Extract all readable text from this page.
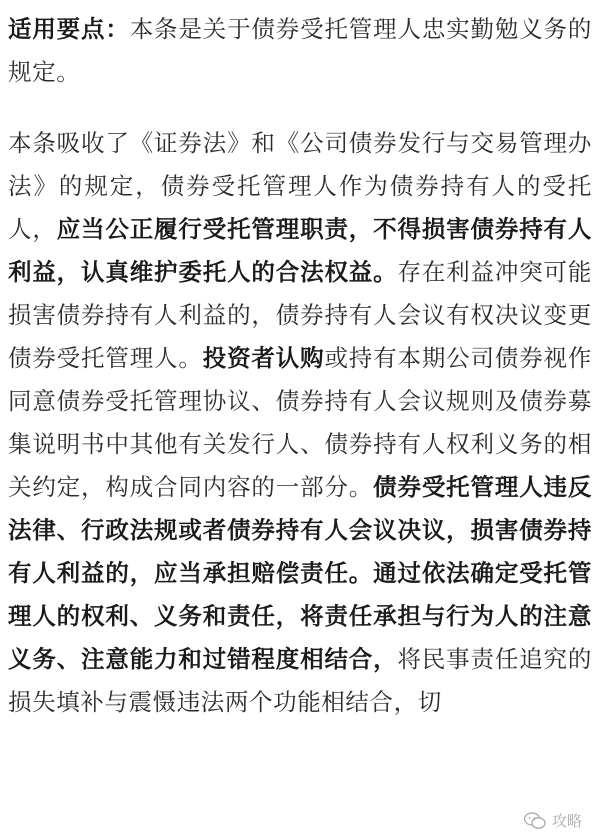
适用要点：本条是关于债券受托管理人忠实勤勉义务的规定。

本条吸收了《证券法》和《公司债券发行与交易管理办法》的规定，债券受托管理人作为债券持有人的受托人，应当公正履行受托管理职责，不得损害债券持有人利益，认真维护委托人的合法权益。存在利益冲突可能损害债券持有人利益的，债券持有人会议有权决议变更债券受托管理人。投资者认购或持有本期公司债券视作同意债券受托管理协议、债券持有人会议规则及债券募集说明书中其他有关发行人、债券持有人权利义务的相关约定，构成合同内容的一部分。债券受托管理人违反法律、行政法规或者债券持有人会议决议，损害债券持有人利益的，应当承担赔偿责任。通过依法确定受托管理人的权利、义务和责任，将责任承担与行为人的注意义务、注意能力和过错程度相结合，将民事责任追究的损失填补与震慑违法两个功能相结合，切

攻略
